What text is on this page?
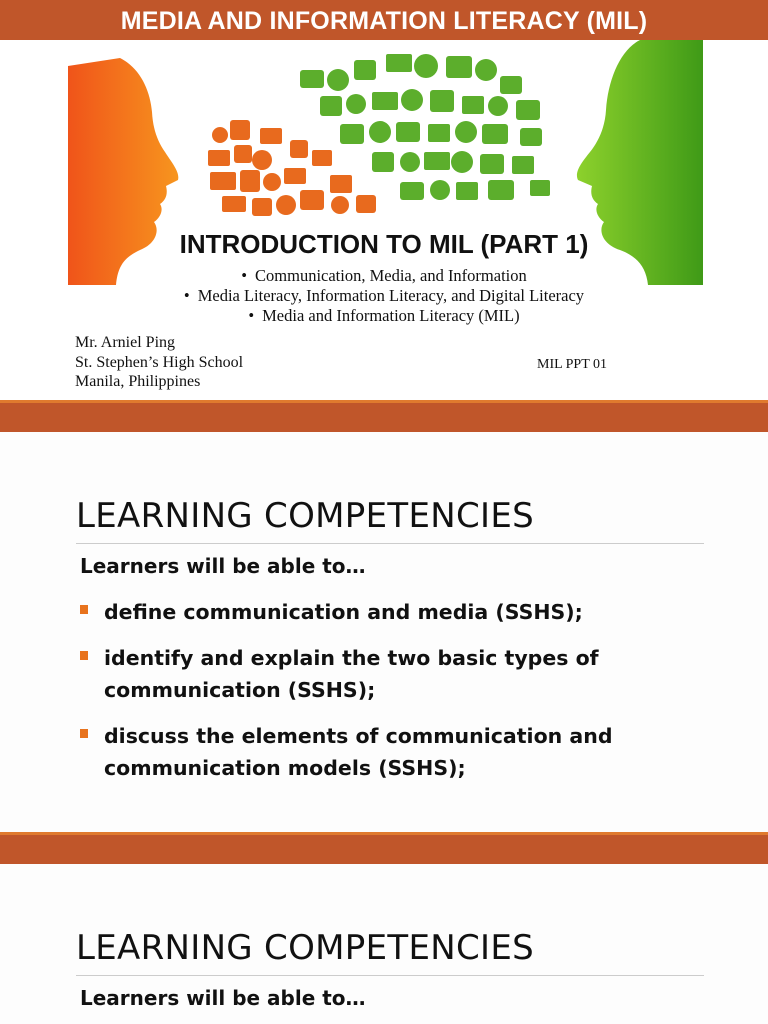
MEDIA AND INFORMATION LITERACY (MIL)
INTRODUCTION TO MIL (PART 1)
• Communication, Media, and Information
• Media Literacy, Information Literacy, and Digital Literacy
• Media and Information Literacy (MIL)
Mr. Arniel Ping
St. Stephen’s High School
Manila, Philippines
MIL PPT 01
LEARNING COMPETENCIES
Learners will be able to…
define communication and media (SSHS);
identify and explain the two basic types of communication (SSHS);
discuss the elements of communication and communication models (SSHS);
LEARNING COMPETENCIES
Learners will be able to…
